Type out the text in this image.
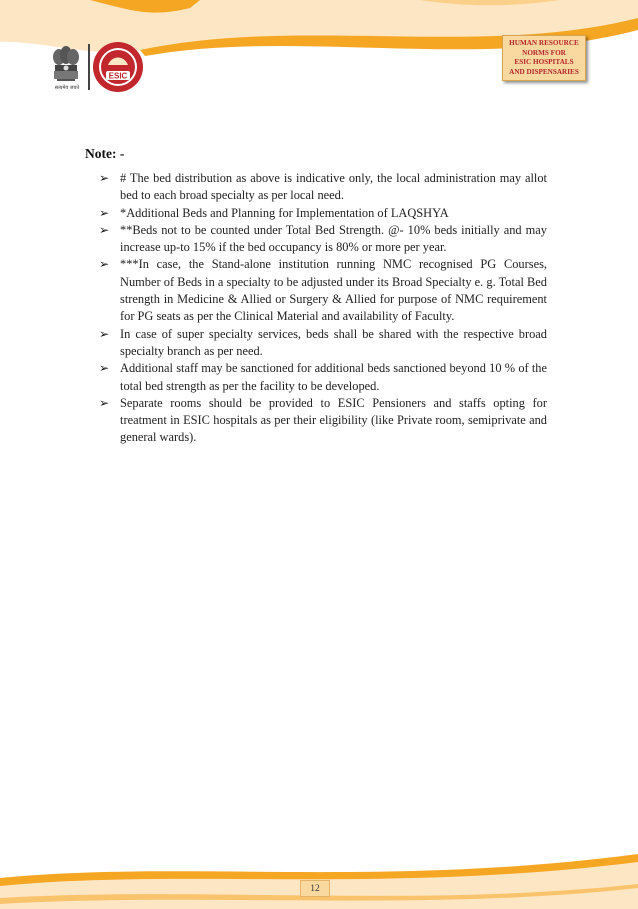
सत्यमेव जयते
ESIC
HUMAN RESOURCE
NORMS FOR
ESIC HOSPITALS
AND DISPENSARIES
Note: -
➢ # The bed distribution as above is indicative only, the local administration may allot bed to each broad specialty as per local need.
➢ *Additional Beds and Planning for Implementation of LAQSHYA
➢ **Beds not to be counted under Total Bed Strength. @- 10% beds initially and may increase up-to 15% if the bed occupancy is 80% or more per year.
➢ ***In case, the Stand-alone institution running NMC recognised PG Courses, Number of Beds in a specialty to be adjusted under its Broad Specialty e. g. Total Bed strength in Medicine & Allied or Surgery & Allied for purpose of NMC requirement for PG seats as per the Clinical Material and availability of Faculty.
➢ In case of super specialty services, beds shall be shared with the respective broad specialty branch as per need.
➢ Additional staff may be sanctioned for additional beds sanctioned beyond 10 % of the total bed strength as per the facility to be developed.
➢ Separate rooms should be provided to ESIC Pensioners and staffs opting for treatment in ESIC hospitals as per their eligibility (like Private room, semiprivate and general wards).
12
